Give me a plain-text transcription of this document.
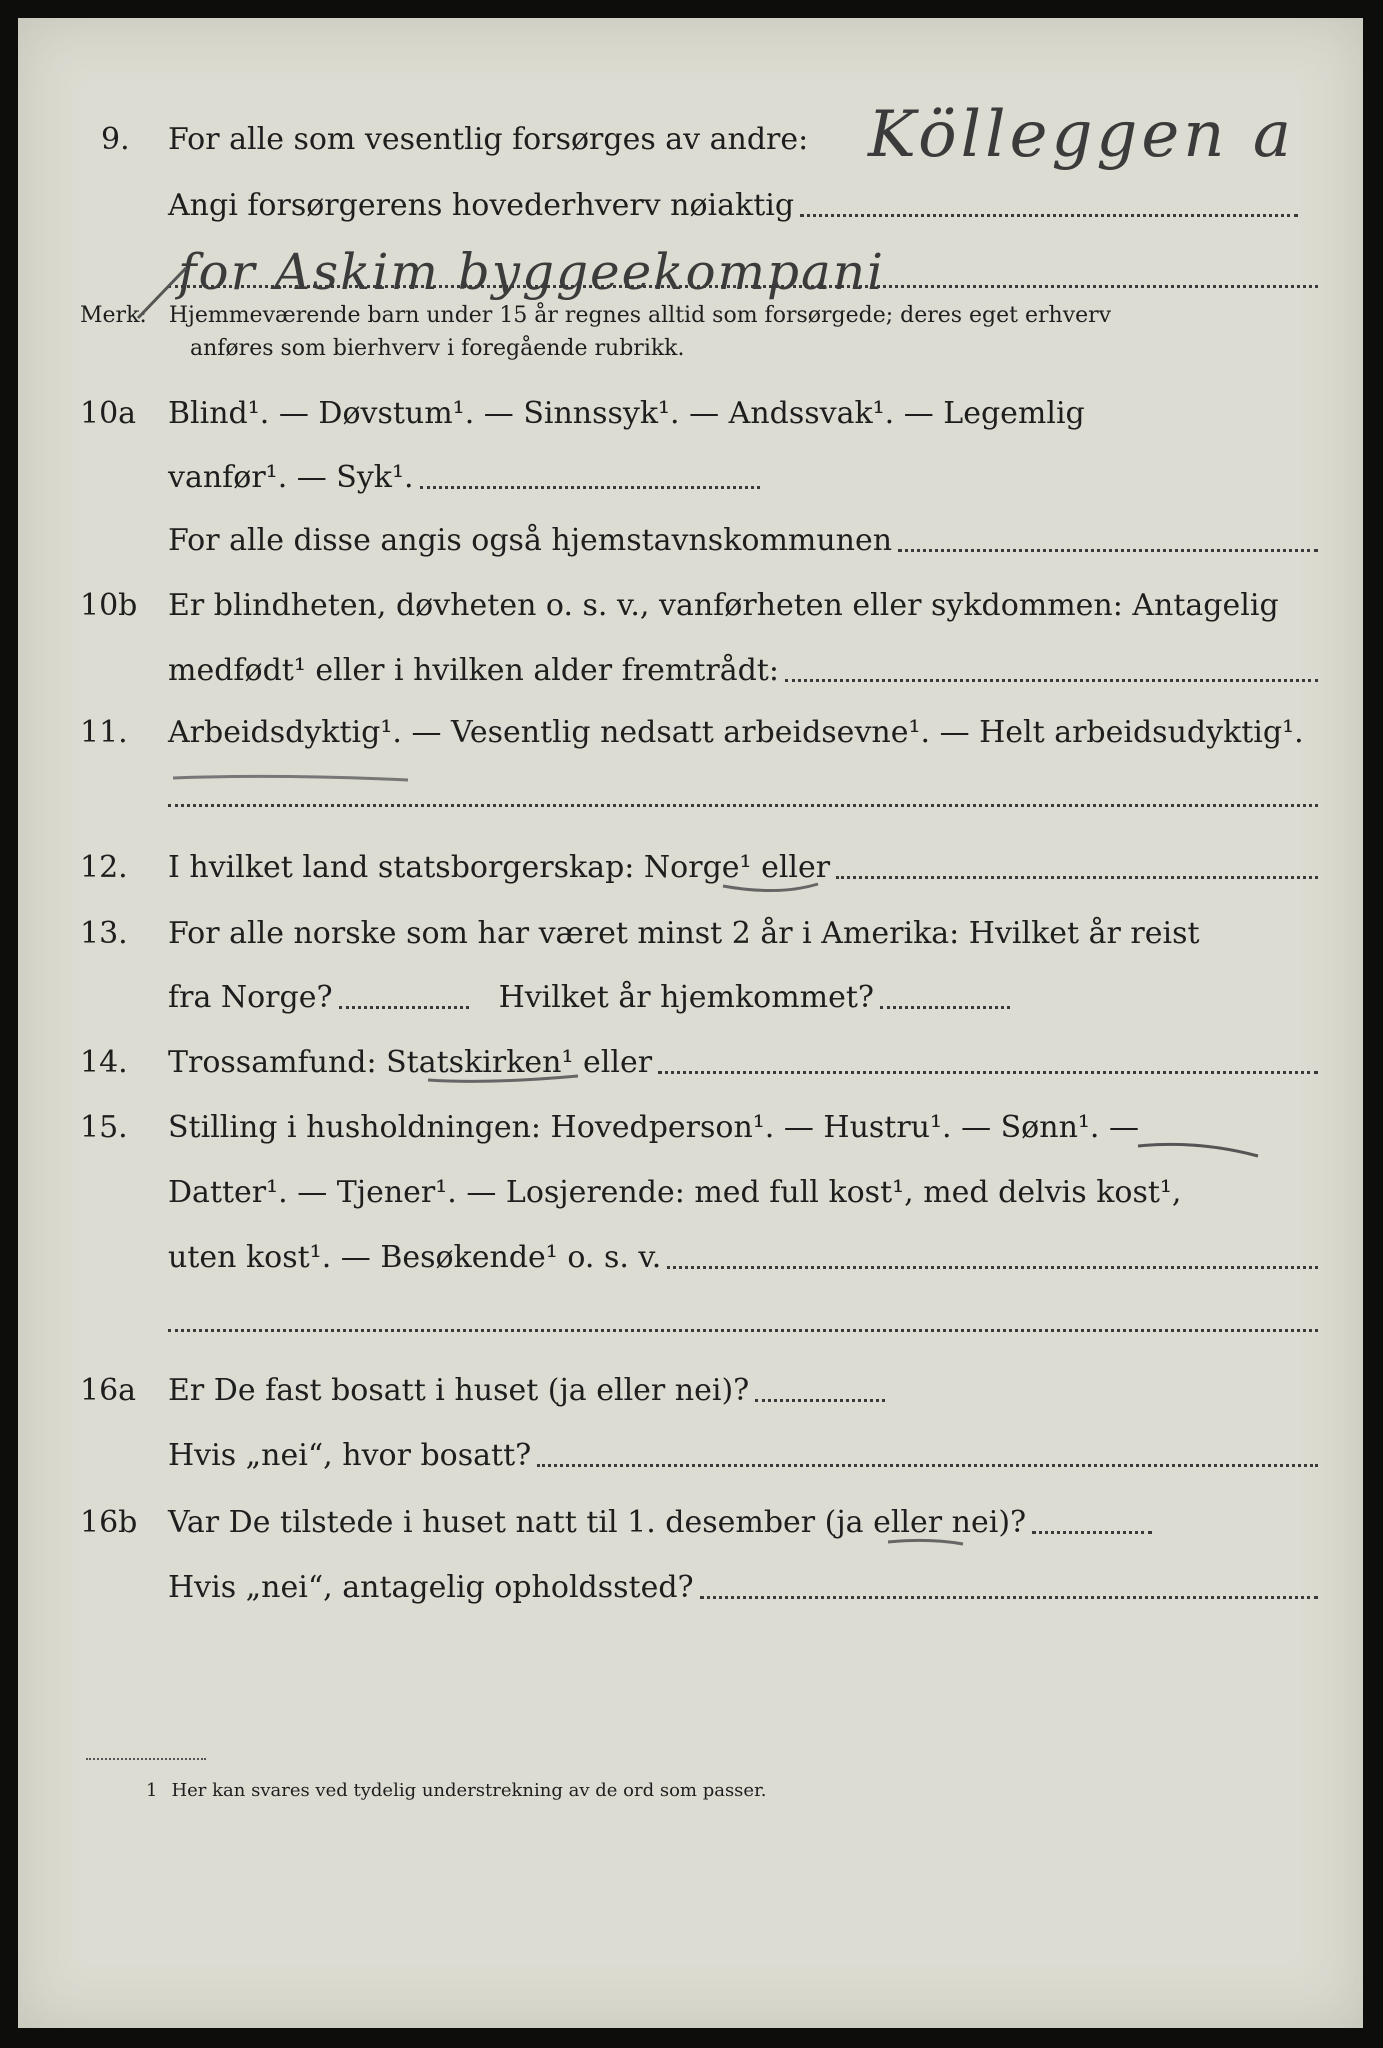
9. For alle som vesentlig forsørges av andre: Kölleggen a
Angi forsørgerens hovederhverv nøiaktig
for Askim byggeekompani
Merk: Hjemmeværende barn under 15 år regnes alltid som forsørgede; deres eget erhverv
anføres som bierhverv i foregående rubrikk.
10a Blind¹. — Døvstum¹. — Sinnssyk¹. — Andssvak¹. — Legemlig
vanfør¹. — Syk¹.
For alle disse angis også hjemstavnskommunen
10b Er blindheten, døvheten o. s. v., vanførheten eller sykdommen: Antagelig
medfødt¹ eller i hvilken alder fremtrådt:
11. Arbeidsdyktig¹. — Vesentlig nedsatt arbeidsevne¹. — Helt arbeidsudyktig¹.
12. I hvilket land statsborgerskap: Norge¹ eller
13. For alle norske som har været minst 2 år i Amerika: Hvilket år reist
fra Norge?	Hvilket år hjemkommet?
14. Trossamfund: Statskirken¹ eller
15. Stilling i husholdningen: Hovedperson¹. — Hustru¹. — Sønn¹. —
Datter¹. — Tjener¹. — Losjerende: med full kost¹, med delvis kost¹,
uten kost¹. — Besøkende¹ o. s. v.
16a Er De fast bosatt i huset (ja eller nei)?
Hvis „nei“, hvor bosatt?
16b Var De tilstede i huset natt til 1. desember (ja eller nei)?
Hvis „nei“, antagelig opholdssted?
1 Her kan svares ved tydelig understrekning av de ord som passer.
